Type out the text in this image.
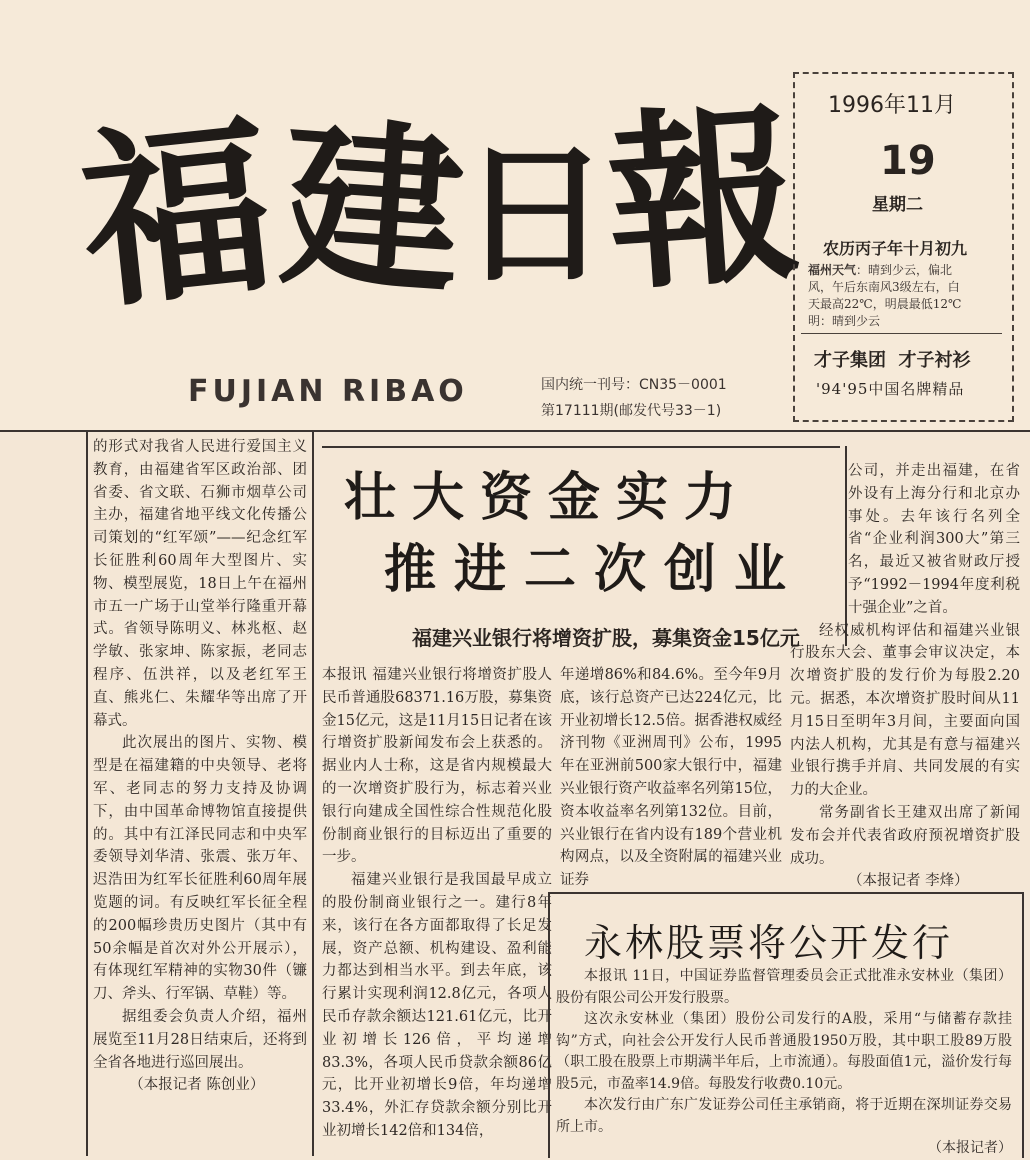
福
建
日
報
FUJIAN RIBAO	国内统一刊号：CN35－0001
第17111期(邮发代号33－1)
1996年11月
19
星期二
农历丙子年十月初九
福州天气：晴到少云，偏北
风，午后东南风3级左右，白
天最高22℃，明晨最低12℃
明：晴到少云
才子集团  才子衬衫
'94'95中国名牌精品

的形式对我省人民进行爱国主义教育，由福建省军区政治部、团省委、省文联、石狮市烟草公司主办，福建省地平线文化传播公司策划的“红军颂”——纪念红军长征胜利60周年大型图片、实物、模型展览，18日上午在福州市五一广场于山堂举行隆重开幕式。省领导陈明义、林兆枢、赵学敏、张家坤、陈家振，老同志程序、伍洪祥，以及老红军王直、熊兆仁、朱耀华等出席了开幕式。

此次展出的图片、实物、模型是在福建籍的中央领导、老将军、老同志的努力支持及协调下，由中国革命博物馆直接提供的。其中有江泽民同志和中央军委领导刘华清、张震、张万年、迟浩田为红军长征胜利60周年展览题的词。有反映红军长征全程的200幅珍贵历史图片（其中有50余幅是首次对外公开展示），有体现红军精神的实物30件（镰刀、斧头、行军锅、草鞋）等。

据组委会负责人介绍，福州展览至11月28日结束后，还将到全省各地进行巡回展出。

（本报记者 陈创业）

壮大资金实力
推进二次创业
福建兴业银行将增资扩股，募集资金15亿元

本报讯 福建兴业银行将增资扩股人民币普通股68371.16万股，募集资金15亿元，这是11月15日记者在该行增资扩股新闻发布会上获悉的。据业内人士称，这是省内规模最大的一次增资扩股行为，标志着兴业银行向建成全国性综合性规范化股份制商业银行的目标迈出了重要的一步。

福建兴业银行是我国最早成立的股份制商业银行之一。建行8年来，该行在各方面都取得了长足发展，资产总额、机构建设、盈利能力都达到相当水平。到去年底，该行累计实现利润12.8亿元，各项人民币存款余额达121.61亿元，比开业初增长126倍，平均递增83.3%，各项人民币贷款余额86亿元，比开业初增长9倍，年均递增33.4%，外汇存贷款余额分别比开业初增长142倍和134倍，

年递增86%和84.6%。至今年9月底，该行总资产已达224亿元，比开业初增长12.5倍。据香港权威经济刊物《亚洲周刊》公布，1995年在亚洲前500家大银行中，福建兴业银行资产收益率名列第15位，资本收益率名列第132位。目前，兴业银行在省内设有189个营业机构网点，以及全资附属的福建兴业证券

公司，并走出福建，在省外设有上海分行和北京办事处。去年该行名列全省“企业利润300大”第三名，最近又被省财政厅授予“1992－1994年度利税十强企业”之首。

经权威机构评估和福建兴业银行股东大会、董事会审议决定，本次增资扩股的发行价为每股2.20元。据悉，本次增资扩股时间从11月15日至明年3月间，主要面向国内法人机构，尤其是有意与福建兴业银行携手并肩、共同发展的有实力的大企业。

常务副省长王建双出席了新闻发布会并代表省政府预祝增资扩股成功。

（本报记者 李烽）

永林股票将公开发行

本报讯 11日，中国证券监督管理委员会正式批准永安林业（集团）股份有限公司公开发行股票。

这次永安林业（集团）股份公司发行的A股，采用“与储蓄存款挂钩”方式，向社会公开发行人民币普通股1950万股，其中职工股89万股（职工股在股票上市期满半年后，上市流通）。每股面值1元，溢价发行每股5元，市盈率14.9倍。每股发行收费0.10元。

本次发行由广东广发证券公司任主承销商，将于近期在深圳证券交易所上市。

（本报记者）
